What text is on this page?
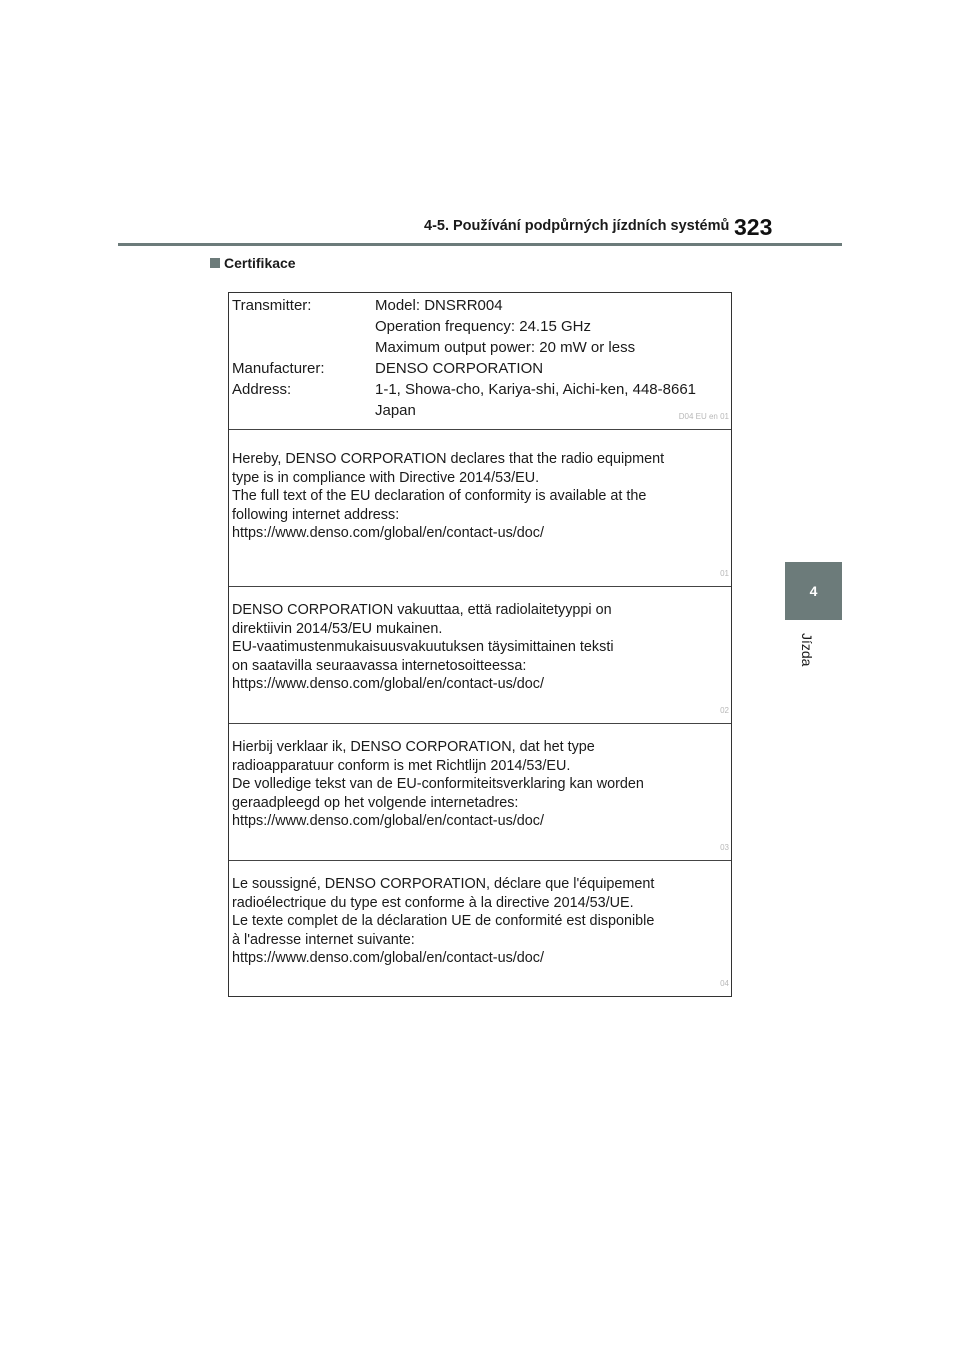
4-5. Používání podpůrných jízdních systémů 323
Certifikace
4
Jízda
Transmitter:	Model: DNSRR004
Operation frequency: 24.15 GHz
Maximum output power: 20 mW or less
Manufacturer:	DENSO CORPORATION
Address:	1-1, Showa-cho, Kariya-shi, Aichi-ken, 448-8661
Japan	D04 EU en 01
Hereby, DENSO CORPORATION declares that the radio equipment
type is in compliance with Directive 2014/53/EU.
The full text of the EU declaration of conformity is available at the
following internet address:
https://www.denso.com/global/en/contact-us/doc/
01
DENSO CORPORATION vakuuttaa, että radiolaitetyyppi on
direktiivin 2014/53/EU mukainen.
EU-vaatimustenmukaisuusvakuutuksen täysimittainen teksti
on saatavilla seuraavassa internetosoitteessa:
https://www.denso.com/global/en/contact-us/doc/
02
Hierbij verklaar ik, DENSO CORPORATION, dat het type
radioapparatuur conform is met Richtlijn 2014/53/EU.
De volledige tekst van de EU-conformiteitsverklaring kan worden
geraadpleegd op het volgende internetadres:
https://www.denso.com/global/en/contact-us/doc/
03
Le soussigné, DENSO CORPORATION, déclare que l'équipement
radioélectrique du type est conforme à la directive 2014/53/UE.
Le texte complet de la déclaration UE de conformité est disponible
à l'adresse internet suivante:
https://www.denso.com/global/en/contact-us/doc/
04
